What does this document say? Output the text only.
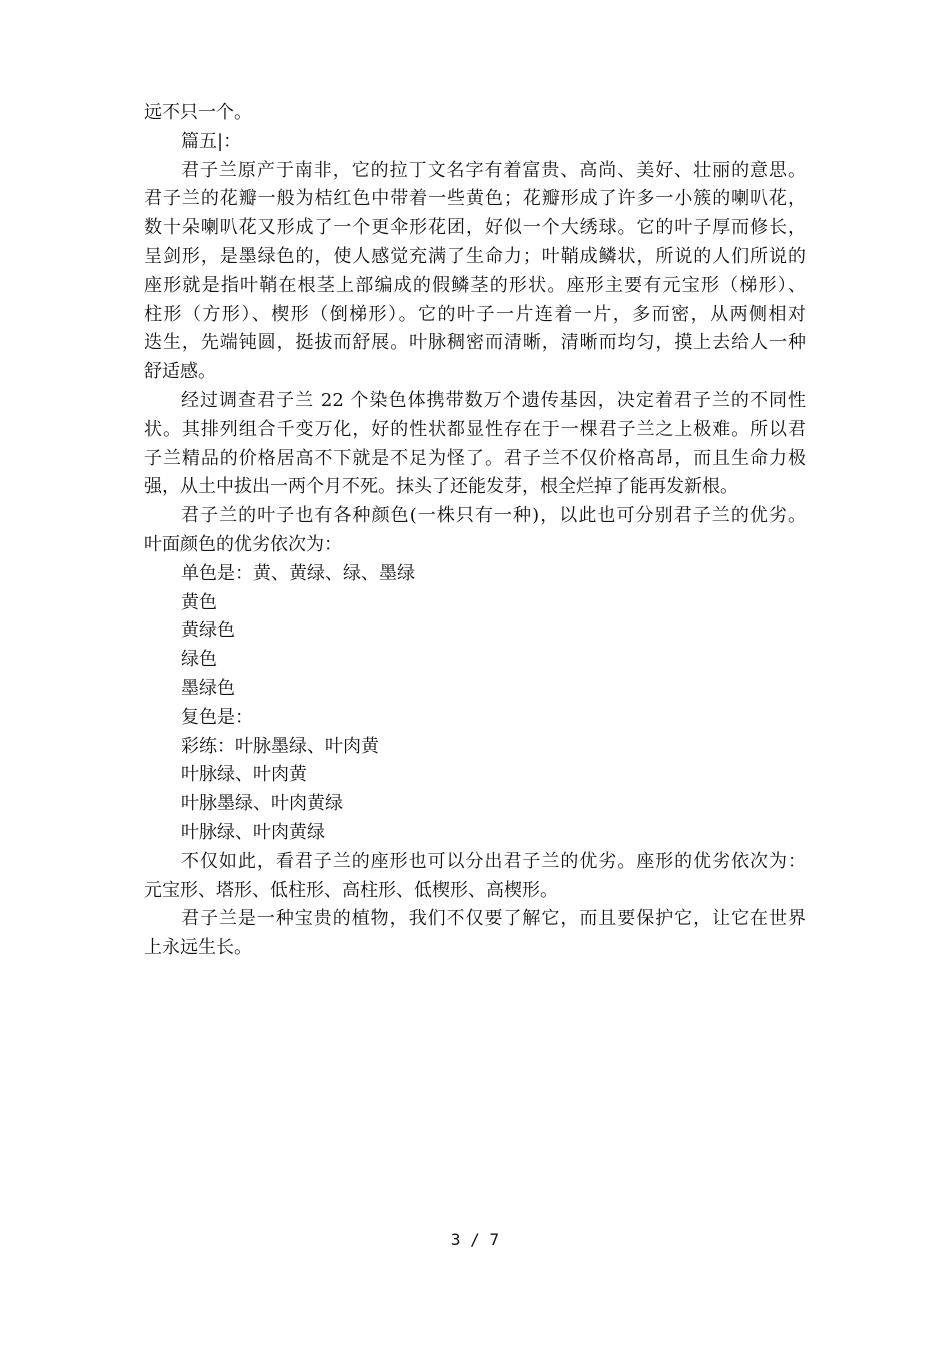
远不只一个。
篇五|：
君子兰原产于南非，它的拉丁文名字有着富贵、高尚、美好、壮丽的意思。
君子兰的花瓣一般为桔红色中带着一些黄色；花瓣形成了许多一小簇的喇叭花，
数十朵喇叭花又形成了一个更伞形花团，好似一个大绣球。它的叶子厚而修长，
呈剑形，是墨绿色的，使人感觉充满了生命力；叶鞘成鳞状，所说的人们所说的
座形就是指叶鞘在根茎上部编成的假鳞茎的形状。座形主要有元宝形（梯形）、
柱形（方形）、楔形（倒梯形）。它的叶子一片连着一片，多而密，从两侧相对
迭生，先端钝圆，挺拔而舒展。叶脉稠密而清晰，清晰而均匀，摸上去给人一种
舒适感。
经过调查君子兰 22 个染色体携带数万个遗传基因，决定着君子兰的不同性
状。其排列组合千变万化，好的性状都显性存在于一棵君子兰之上极难。所以君
子兰精品的价格居高不下就是不足为怪了。君子兰不仅价格高昂，而且生命力极
强，从土中拔出一两个月不死。抹头了还能发芽，根全烂掉了能再发新根。
君子兰的叶子也有各种颜色(一株只有一种)，以此也可分别君子兰的优劣。
叶面颜色的优劣依次为：
单色是：黄、黄绿、绿、墨绿
黄色
黄绿色
绿色
墨绿色
复色是：
彩练：叶脉墨绿、叶肉黄
叶脉绿、叶肉黄
叶脉墨绿、叶肉黄绿
叶脉绿、叶肉黄绿
不仅如此，看君子兰的座形也可以分出君子兰的优劣。座形的优劣依次为：
元宝形、塔形、低柱形、高柱形、低楔形、高楔形。
君子兰是一种宝贵的植物，我们不仅要了解它，而且要保护它，让它在世界
上永远生长。
3 / 7
